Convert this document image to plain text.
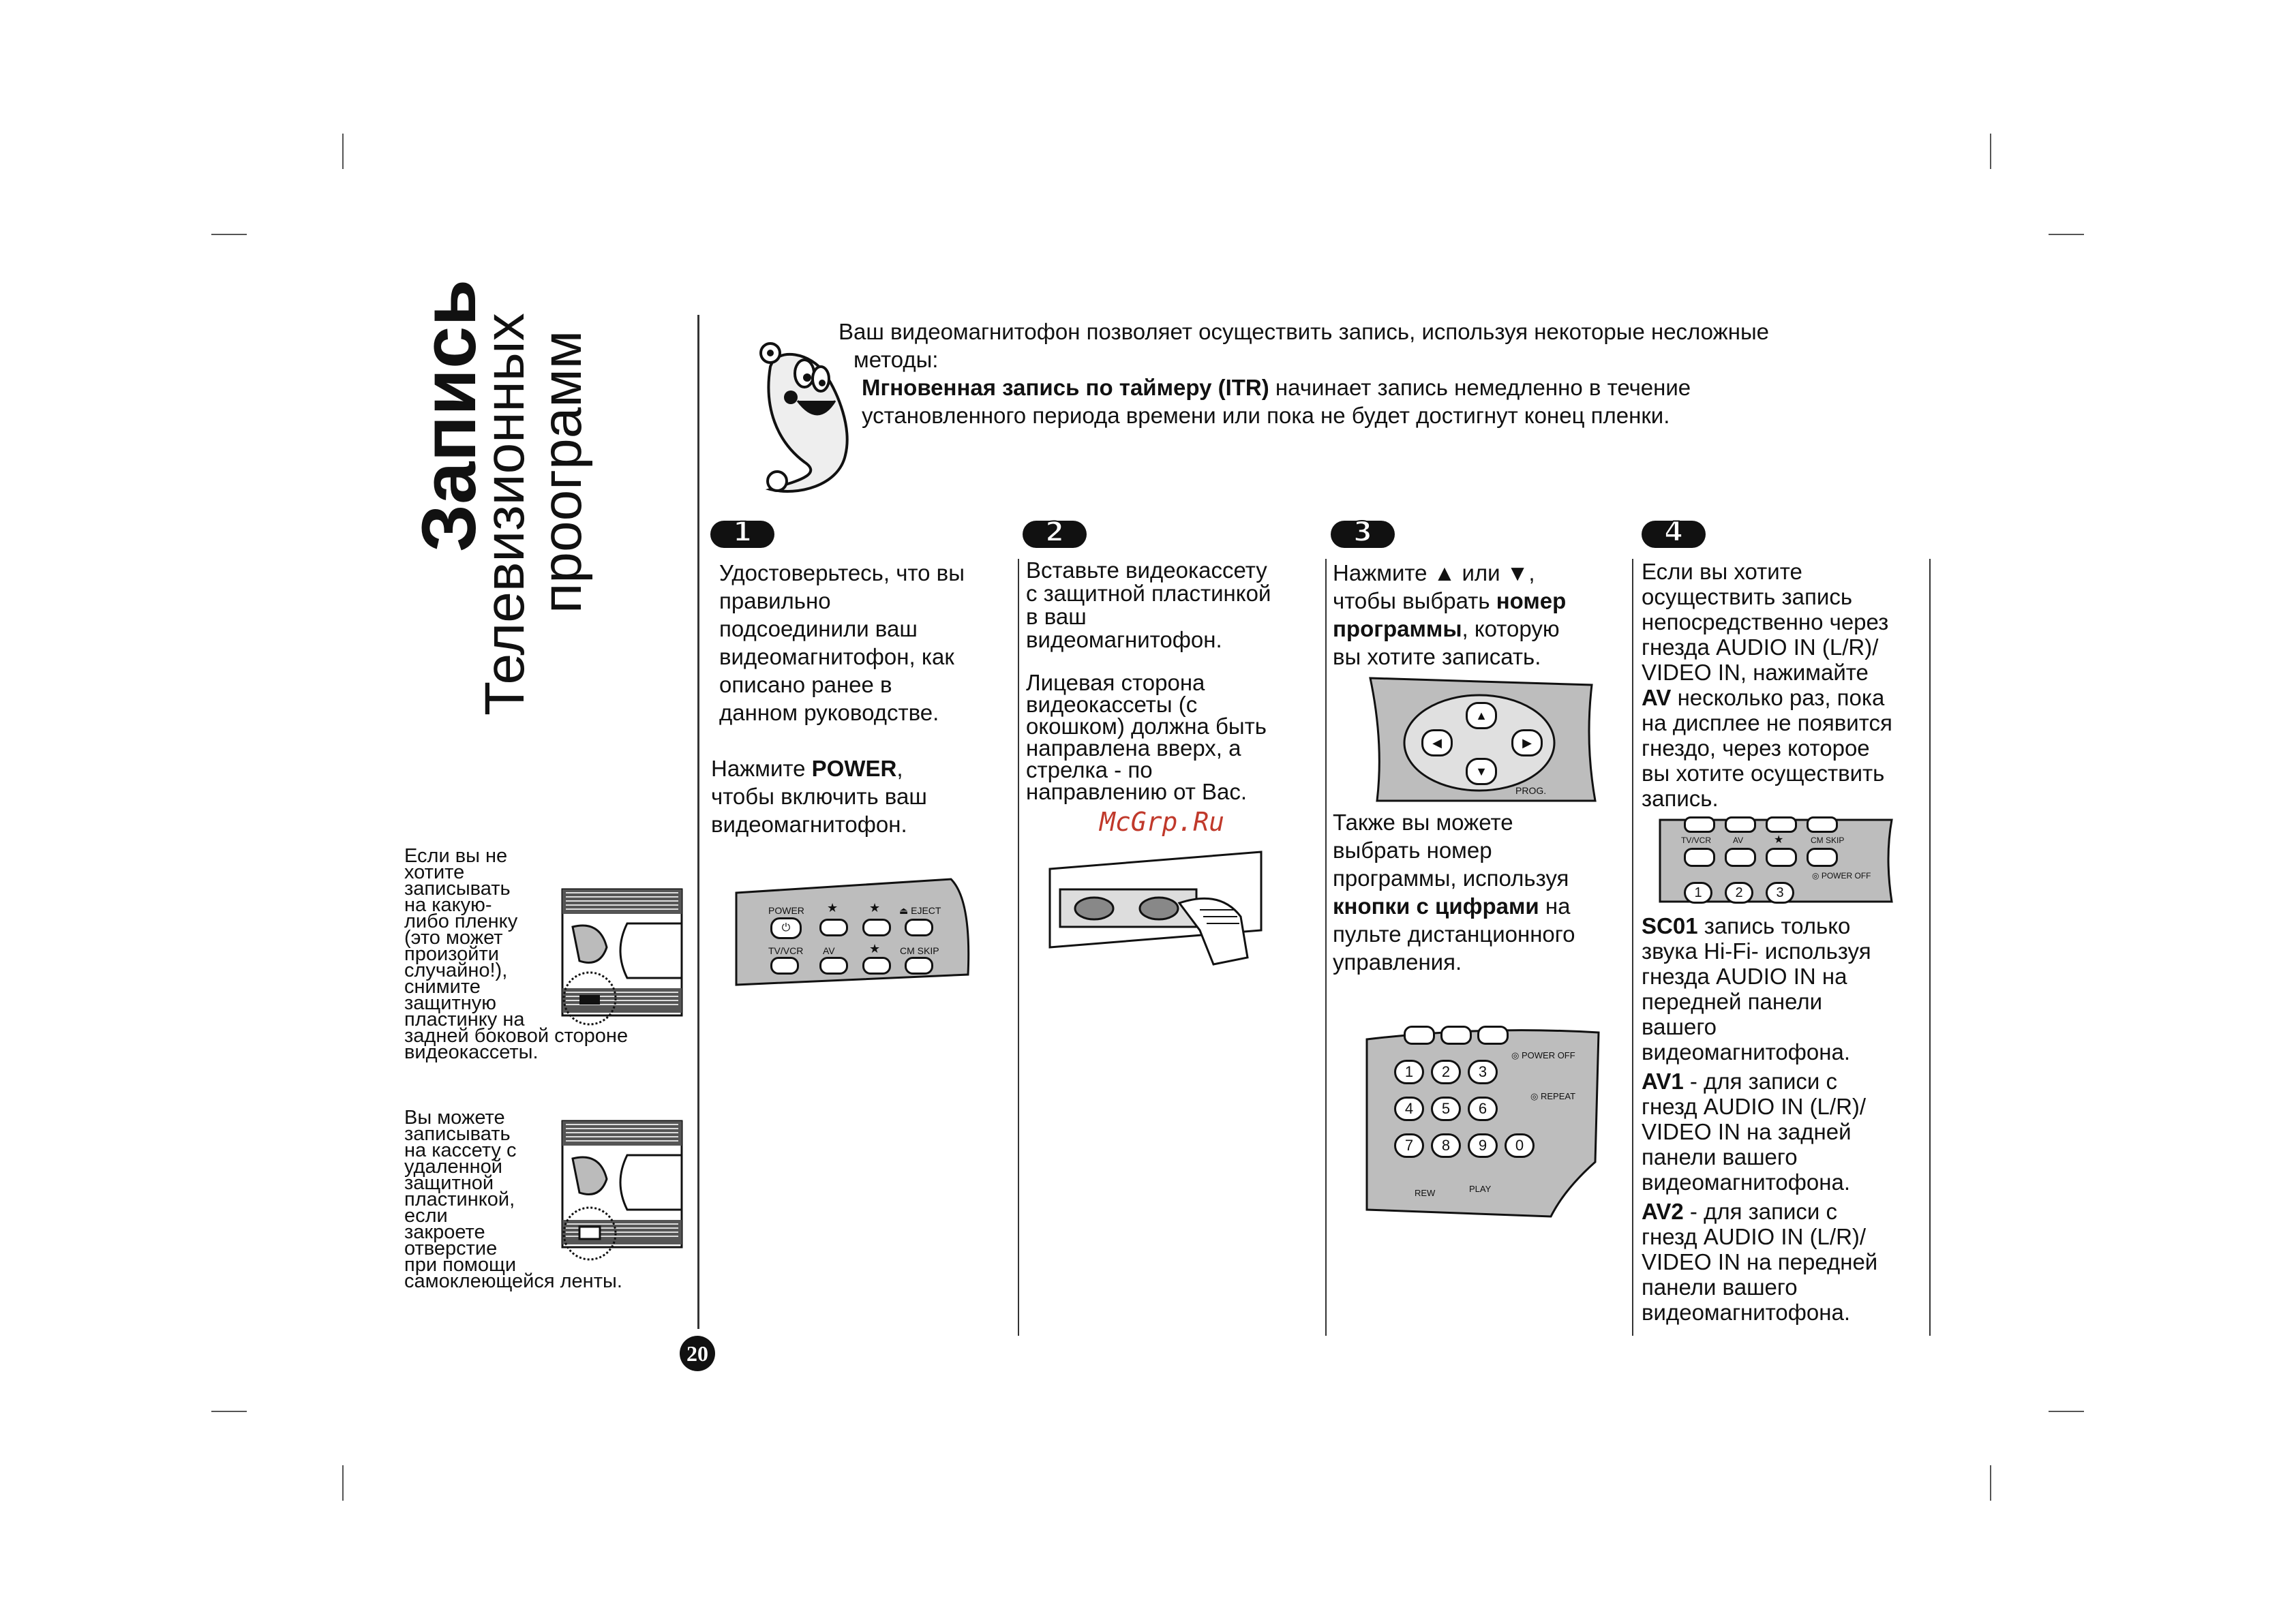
Запись
Телевизионных
проограмм	Ваш видеомагнитофон позволяет осуществить запись, используя некоторые несложные
методы:
Мгновенная запись по таймеру (ITR) начинает запись немедленно в течение
установленного периода времени или пока не будет достигнут конец пленки.
1	2	3	4
Удостоверьтесь, что вы
правильно
подсоединили ваш
видеомагнитофон, как
описано ранее в
данном руководстве.
Нажмите POWER,
чтобы включить ваш
видеомагнитофон.
POWER ★	★ ⏏ EJECT
⏻
TV/VCR AV	★ CM SKIP
Вставьте видеокассету
с защитной пластинкой
в ваш
видеомагнитофон.
Лицевая сторона
видеокассеты (с
окошком) должна быть
направлена вверх, а
стрелка - по
направлению от Вас.
McGrp.Ru
Нажмите ▲ или ▼,
чтобы выбрать номер
программы, которую
вы хотите записать.
▲
▼
◀	▶
PROG.
Также вы можете
выбрать номер
программы, используя
кнопки с цифрами на
пульте дистанционного
управления.
◎ POWER OFF
◎ REPEAT
1	2	3
4	5	6
7	8	9	0
REW	PLAY
Если вы хотите
осуществить запись
непосредственно через
гнезда AUDIO IN (L/R)/
VIDEO IN, нажимайте
AV несколько раз, пока
на дисплее не появится
гнездо, через которое
вы хотите осуществить
запись.
TV/VCR	AV	★	CM SKIP
◎ POWER OFF
1	2	3
SC01 запись только
звука Hi-Fi- используя
гнезда AUDIO IN на
передней панели
вашего
видеомагнитофона.
AV1 - для записи с
гнезд AUDIO IN (L/R)/
VIDEO IN на задней
панели вашего
видеомагнитофона.
AV2 - для записи с
гнезд AUDIO IN (L/R)/
VIDEO IN на передней
панели вашего
видеомагнитофона.
Если вы не
хотите
записывать
на какую-
либо пленку
(это может
произойти
случайно!),
снимите
защитную
пластинку на
задней боковой стороне
видеокассеты.
Вы можете
записывать
на кассету с
удаленной
защитной
пластинкой,
если
закроете
отверстие
при помощи
самоклеющейся ленты.
20
